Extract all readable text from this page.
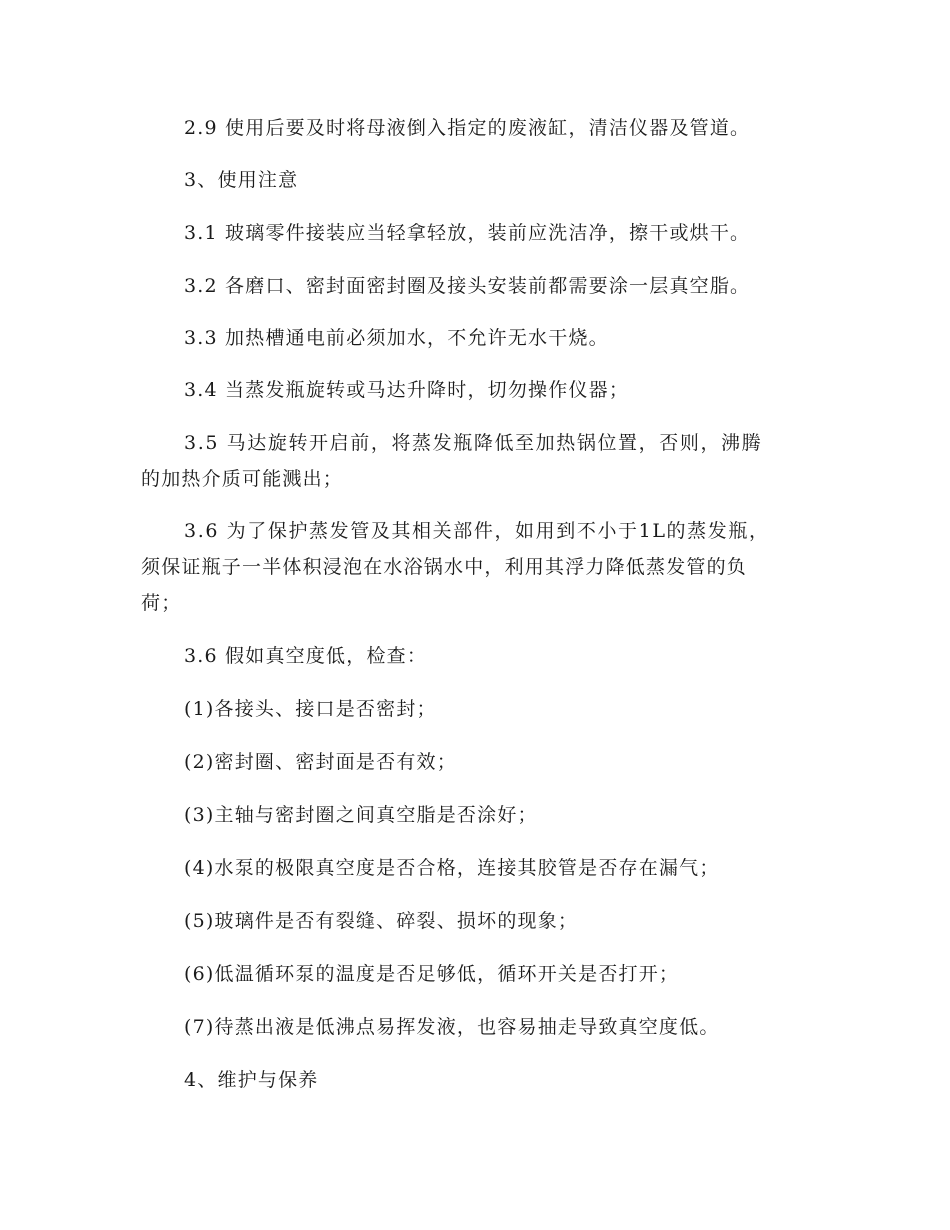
2.9 使用后要及时将母液倒入指定的废液缸，清洁仪器及管道。
3、使用注意
3.1 玻璃零件接装应当轻拿轻放，装前应洗洁净，擦干或烘干。
3.2 各磨口、密封面密封圈及接头安装前都需要涂一层真空脂。
3.3 加热槽通电前必须加水，不允许无水干烧。
3.4 当蒸发瓶旋转或马达升降时，切勿操作仪器；
3.5 马达旋转开启前，将蒸发瓶降低至加热锅位置，否则，沸腾
的加热介质可能溅出；
3.6 为了保护蒸发管及其相关部件，如用到不小于1L的蒸发瓶，
须保证瓶子一半体积浸泡在水浴锅水中，利用其浮力降低蒸发管的负
荷；
3.6 假如真空度低，检查：
(1)各接头、接口是否密封；
(2)密封圈、密封面是否有效；
(3)主轴与密封圈之间真空脂是否涂好；
(4)水泵的极限真空度是否合格，连接其胶管是否存在漏气；
(5)玻璃件是否有裂缝、碎裂、损坏的现象；
(6)低温循环泵的温度是否足够低，循环开关是否打开；
(7)待蒸出液是低沸点易挥发液，也容易抽走导致真空度低。
4、维护与保养
